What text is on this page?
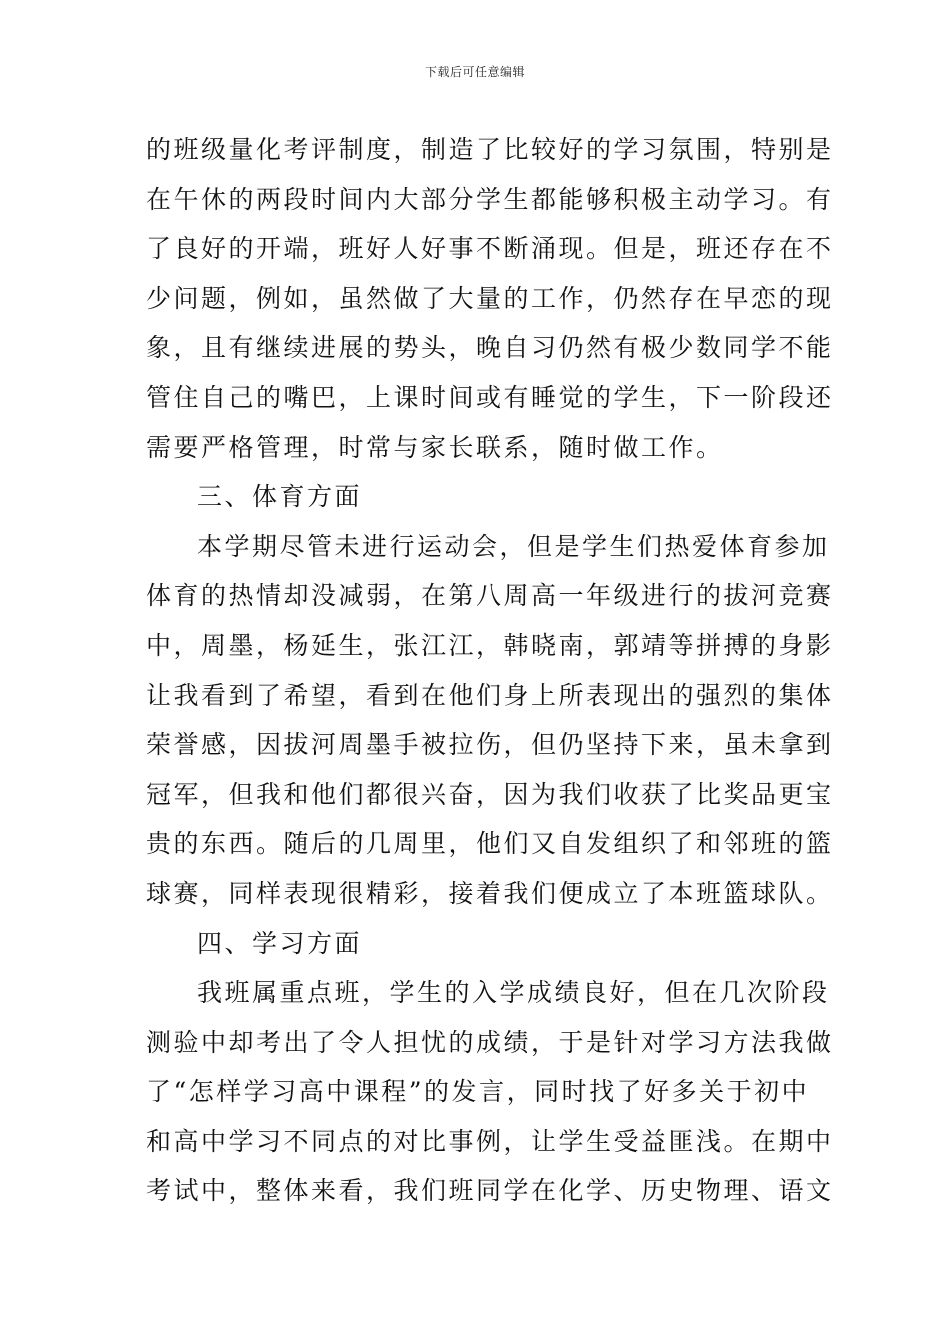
下载后可任意编辑
的班级量化考评制度，制造了比较好的学习氛围，特别是
在午休的两段时间内大部分学生都能够积极主动学习。有
了良好的开端，班好人好事不断涌现。但是，班还存在不
少问题，例如，虽然做了大量的工作，仍然存在早恋的现
象，且有继续进展的势头，晚自习仍然有极少数同学不能
管住自己的嘴巴，上课时间或有睡觉的学生，下一阶段还
需要严格管理，时常与家长联系，随时做工作。
三、体育方面
本学期尽管未进行运动会，但是学生们热爱体育参加
体育的热情却没减弱，在第八周高一年级进行的拔河竞赛
中，周墨，杨延生，张江江，韩晓南，郭靖等拼搏的身影
让我看到了希望，看到在他们身上所表现出的强烈的集体
荣誉感，因拔河周墨手被拉伤，但仍坚持下来，虽未拿到
冠军，但我和他们都很兴奋，因为我们收获了比奖品更宝
贵的东西。随后的几周里，他们又自发组织了和邻班的篮
球赛，同样表现很精彩，接着我们便成立了本班篮球队。
四、学习方面
我班属重点班，学生的入学成绩良好，但在几次阶段
测验中却考出了令人担忧的成绩，于是针对学习方法我做
了“怎样学习高中课程”的发言，同时找了好多关于初中
和高中学习不同点的对比事例，让学生受益匪浅。在期中
考试中，整体来看，我们班同学在化学、历史物理、语文
